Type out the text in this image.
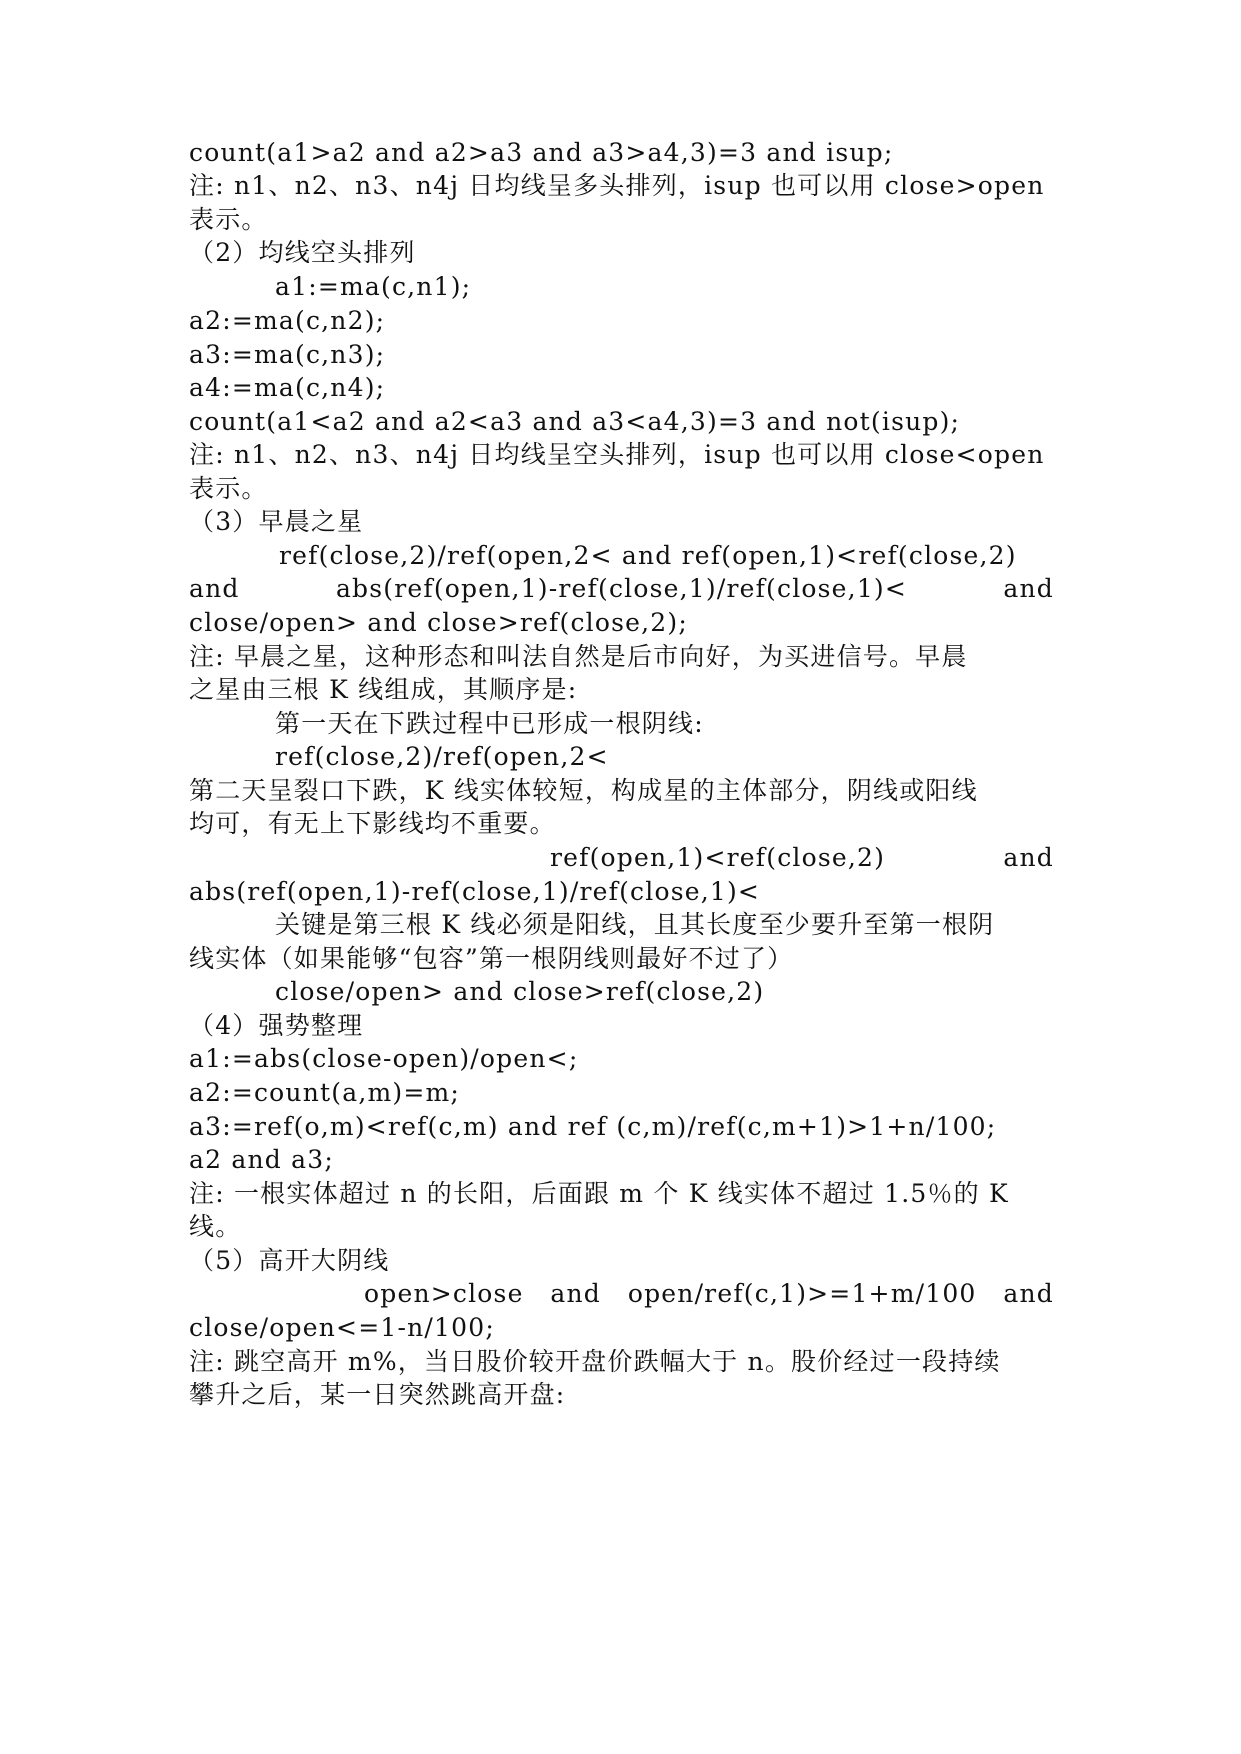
count(a1>a2 and a2>a3 and a3>a4,3)=3 and isup;

注: n1、n2、n3、n4j 日均线呈多头排列，isup 也可以用 close>open

表示。

（2）均线空头排列

a1:=ma(c,n1);

a2:=ma(c,n2);

a3:=ma(c,n3);

a4:=ma(c,n4);

count(a1<a2 and a2<a3 and a3<a4,3)=3 and not(isup);

注: n1、n2、n3、n4j 日均线呈空头排列，isup 也可以用 close<open

表示。

（3）早晨之星

ref(close,2)/ref(open,2< and ref(open,1)<ref(close,2)

and	abs(ref(open,1)-ref(close,1)/ref(close,1)<	and

close/open> and close>ref(close,2);

注: 早晨之星，这种形态和叫法自然是后市向好，为买进信号。早晨

之星由三根 K 线组成，其顺序是:

第一天在下跌过程中已形成一根阴线:

ref(close,2)/ref(open,2<

第二天呈裂口下跌，K 线实体较短，构成星的主体部分，阴线或阳线

均可，有无上下影线均不重要。

ref(open,1)<ref(close,2)	and

abs(ref(open,1)-ref(close,1)/ref(close,1)<

关键是第三根 K 线必须是阳线，且其长度至少要升至第一根阴

线实体（如果能够“包容”第一根阴线则最好不过了）

close/open> and close>ref(close,2)

（4）强势整理

a1:=abs(close-open)/open<;

a2:=count(a,m)=m;

a3:=ref(o,m)<ref(c,m) and ref (c,m)/ref(c,m+1)>1+n/100;

a2 and a3;

注: 一根实体超过 n 的长阳，后面跟 m 个 K 线实体不超过 1.5％的 K

线。

（5）高开大阴线

open>close and open/ref(c,1)>=1+m/100 and

close/open<=1-n/100;

注: 跳空高开 m%，当日股价较开盘价跌幅大于 n。股价经过一段持续

攀升之后，某一日突然跳高开盘:
